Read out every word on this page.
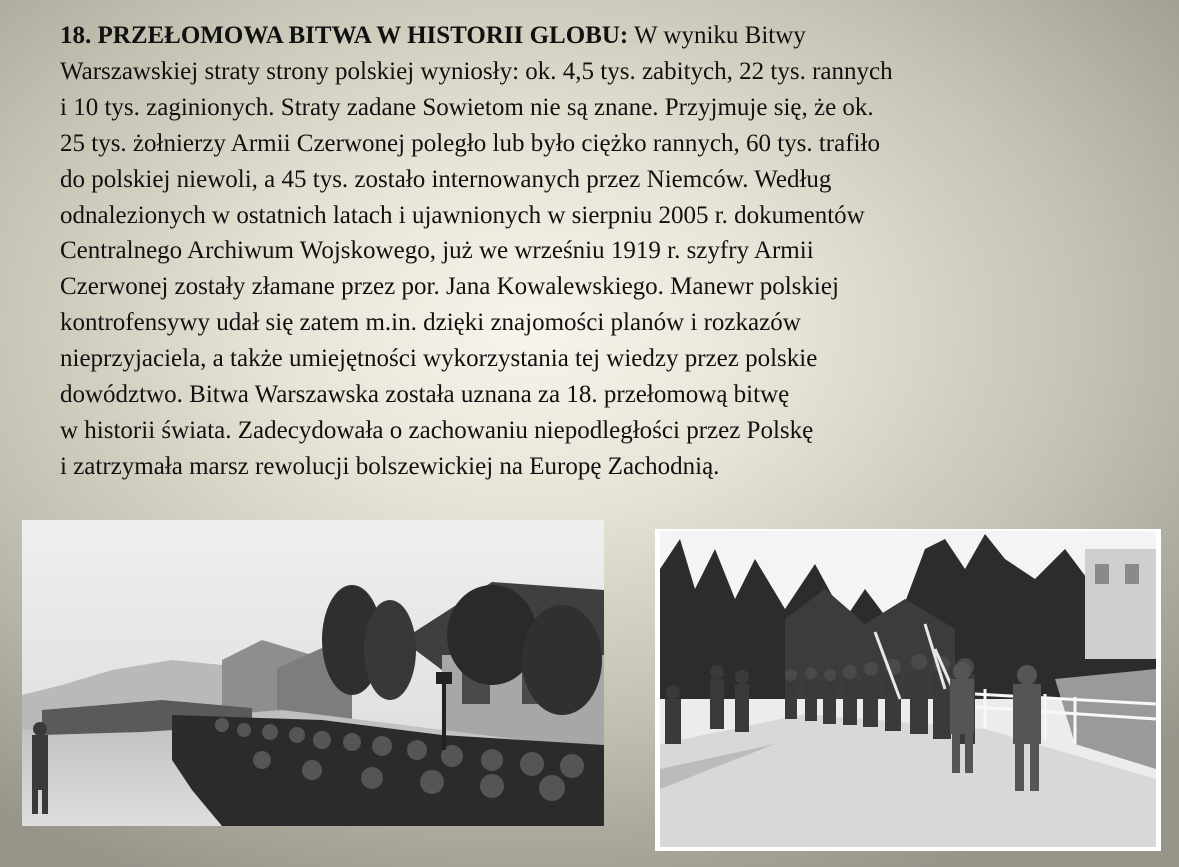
18. PRZEŁOMOWA BITWA W HISTORII GLOBU: W wyniku Bitwy
Warszawskiej straty strony polskiej wyniosły: ok. 4,5 tys. zabitych, 22 tys. rannych
i 10 tys. zaginionych. Straty zadane Sowietom nie są znane. Przyjmuje się, że ok.
25 tys. żołnierzy Armii Czerwonej poległo lub było ciężko rannych, 60 tys. trafiło
do polskiej niewoli, a 45 tys. zostało internowanych przez Niemców. Według
odnalezionych w ostatnich latach i ujawnionych w sierpniu 2005 r. dokumentów
Centralnego Archiwum Wojskowego, już we wrześniu 1919 r. szyfry Armii
Czerwonej zostały złamane przez por. Jana Kowalewskiego. Manewr polskiej
kontrofensywy udał się zatem m.in. dzięki znajomości planów i rozkazów
nieprzyjaciela, a także umiejętności wykorzystania tej wiedzy przez polskie
dowództwo. Bitwa Warszawska została uznana za 18. przełomową bitwę
w historii świata. Zadecydowała o zachowaniu niepodległości przez Polskę
i zatrzymała marsz rewolucji bolszewickiej na Europę Zachodnią.
